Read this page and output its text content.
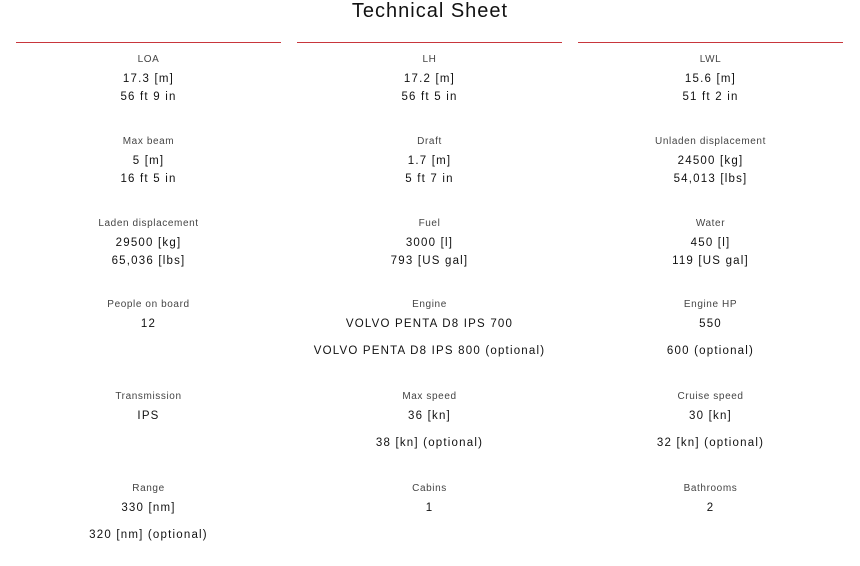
Technical Sheet
LOA
17.3 [m]
56 ft 9 in
Max beam
5 [m]
16 ft 5 in
Laden displacement
29500 [kg]
65,036 [lbs]
People on board
12
Transmission
IPS
Range
330 [nm]
320 [nm] (optional)
LH
17.2 [m]
56 ft 5 in
Draft
1.7 [m]
5 ft 7 in
Fuel
3000 [l]
793 [US gal]
Engine
VOLVO PENTA D8 IPS 700
VOLVO PENTA D8 IPS 800 (optional)
Max speed
36 [kn]
38 [kn] (optional)
Cabins
1
LWL
15.6 [m]
51 ft 2 in
Unladen displacement
24500 [kg]
54,013 [lbs]
Water
450 [l]
119 [US gal]
Engine HP
550
600 (optional)
Cruise speed
30 [kn]
32 [kn] (optional)
Bathrooms
2
